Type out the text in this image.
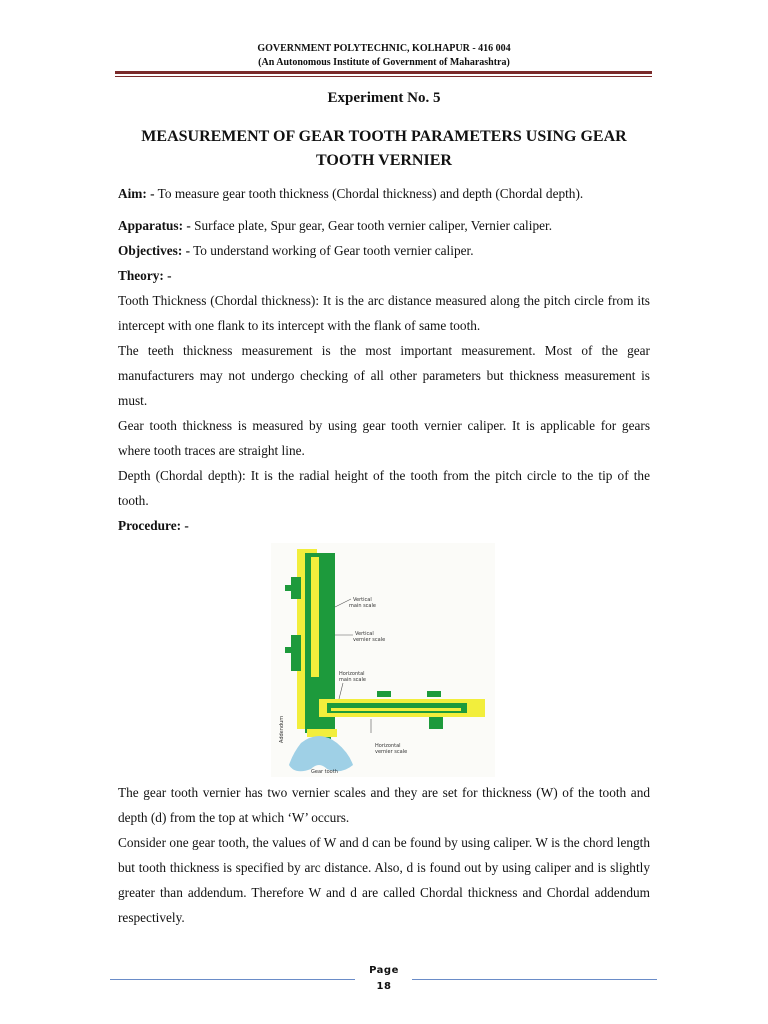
GOVERNMENT POLYTECHNIC, KOLHAPUR - 416 004
(An Autonomous Institute of Government of Maharashtra)
Experiment No. 5
MEASUREMENT OF GEAR TOOTH PARAMETERS USING GEAR TOOTH VERNIER

Aim: - To measure gear tooth thickness (Chordal thickness) and depth (Chordal depth).

Apparatus: - Surface plate, Spur gear, Gear tooth vernier caliper, Vernier caliper.

Objectives: - To understand working of Gear tooth vernier caliper.

Theory: -

Tooth Thickness (Chordal thickness): It is the arc distance measured along the pitch circle from its intercept with one flank to its intercept with the flank of same tooth.

The teeth thickness measurement is the most important measurement. Most of the gear manufacturers may not undergo checking of all other parameters but thickness measurement is must.

Gear tooth thickness is measured by using gear tooth vernier caliper. It is applicable for gears where tooth traces are straight line.

Depth (Chordal depth): It is the radial height of the tooth from the pitch circle to the tip of the tooth.

Procedure: -

Vertical main scale
Vertical vernier scale
Horizontal main scale
Horizontal vernier scale
Gear tooth
Addendum

The gear tooth vernier has two vernier scales and they are set for thickness (W) of the tooth and depth (d) from the top at which ‘W’ occurs.

Consider one gear tooth, the values of W and d can be found by using caliper. W is the chord length but tooth thickness is specified by arc distance. Also, d is found out by using caliper and is slightly greater than addendum. Therefore W and d are called Chordal thickness and Chordal addendum respectively.

Page
18
